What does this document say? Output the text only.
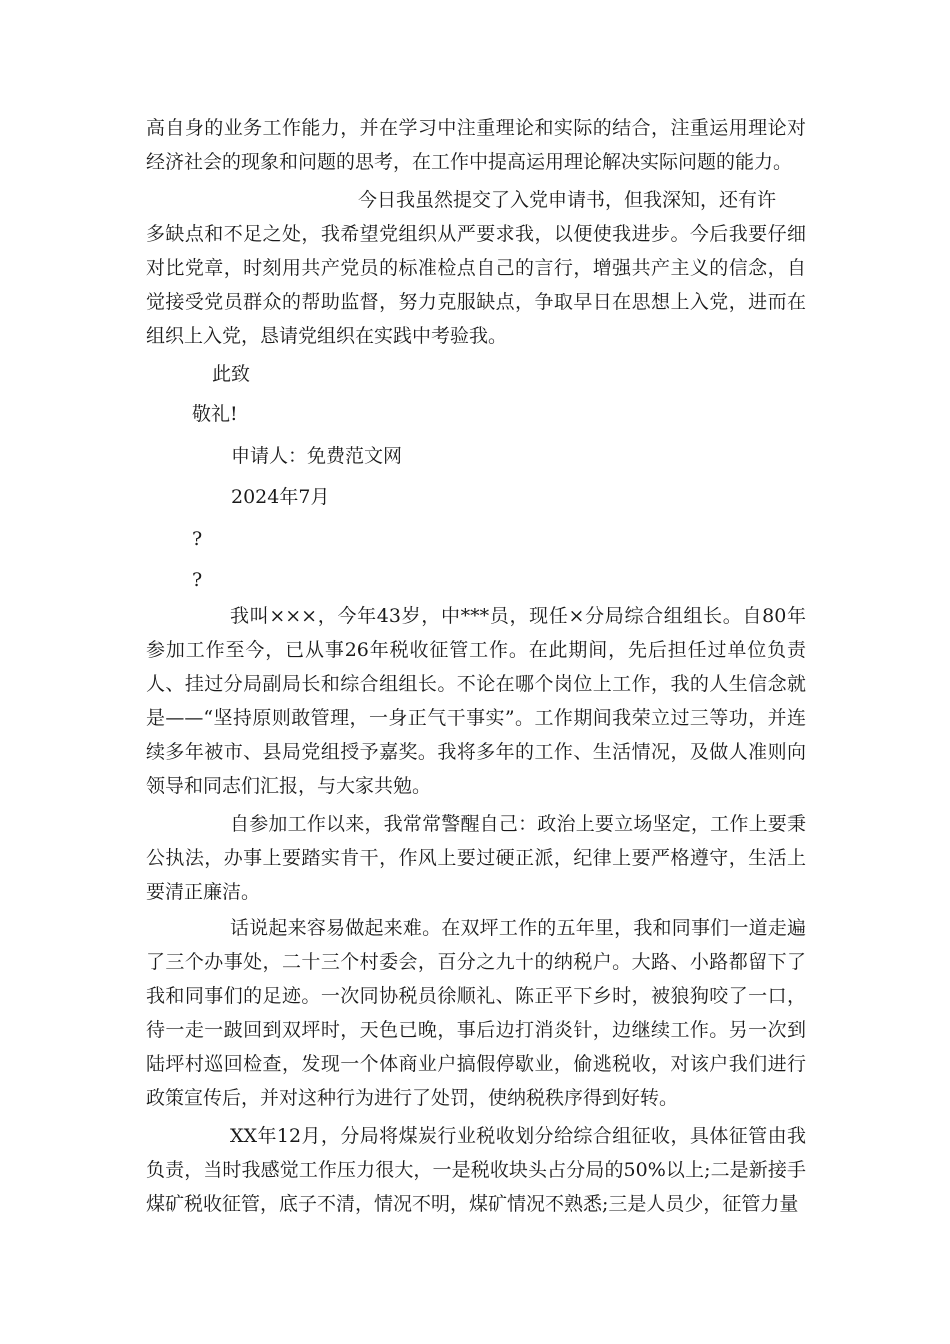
高自身的业务工作能力，并在学习中注重理论和实际的结合，注重运用理论对经济社会的现象和问题的思考，在工作中提高运用理论解决实际问题的能力。

今日我虽然提交了入党申请书，但我深知，还有许

多缺点和不足之处，我希望党组织从严要求我，以便使我进步。今后我要仔细对比党章，时刻用共产党员的标准检点自己的言行，增强共产主义的信念，自觉接受党员群众的帮助监督，努力克服缺点，争取早日在思想上入党，进而在组织上入党，恳请党组织在实践中考验我。

此致

敬礼!

申请人：免费范文网

2024年7月

?

?

我叫×××，今年43岁，中***员，现任×分局综合组组长。自80年参加工作至今，已从事26年税收征管工作。在此期间，先后担任过单位负责人、挂过分局副局长和综合组组长。不论在哪个岗位上工作，我的人生信念就是——“坚持原则敢管理，一身正气干事实”。工作期间我荣立过三等功，并连续多年被市、县局党组授予嘉奖。我将多年的工作、生活情况，及做人准则向领导和同志们汇报，与大家共勉。

自参加工作以来，我常常警醒自己：政治上要立场坚定，工作上要秉公执法，办事上要踏实肯干，作风上要过硬正派，纪律上要严格遵守，生活上要清正廉洁。

话说起来容易做起来难。在双坪工作的五年里，我和同事们一道走遍了三个办事处，二十三个村委会，百分之九十的纳税户。大路、小路都留下了我和同事们的足迹。一次同协税员徐顺礼、陈正平下乡时，被狼狗咬了一口，待一走一跛回到双坪时，天色已晚，事后边打消炎针，边继续工作。另一次到陆坪村巡回检查，发现一个体商业户搞假停歇业，偷逃税收，对该户我们进行政策宣传后，并对这种行为进行了处罚，使纳税秩序得到好转。

XX年12月，分局将煤炭行业税收划分给综合组征收，具体征管由我负责，当时我感觉工作压力很大，一是税收块头占分局的50%以上;二是新接手煤矿税收征管，底子不清，情况不明，煤矿情况不熟悉;三是人员少，征管力量
